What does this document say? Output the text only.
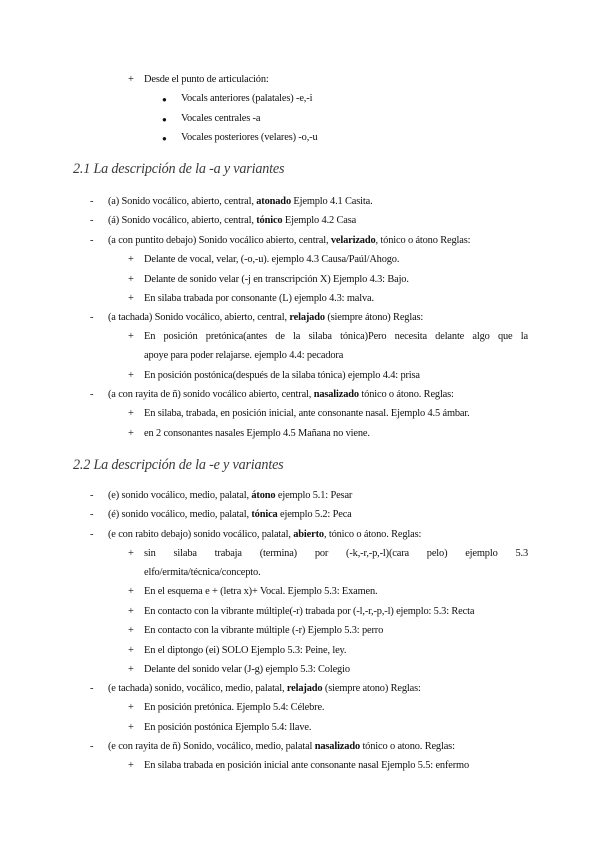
+ Desde el punto de articulación:
● Vocals anteriores (palatales) -e,-i
● Vocales centrales -a
● Vocales posteriores (velares) -o,-u
2.1 La descripción de la -a y variantes
- (a) Sonido vocálico, abierto, central, atonado Ejemplo 4.1 Casita.
- (á) Sonido vocálico, abierto, central, tónico Ejemplo 4.2 Casa
- (a con puntito debajo) Sonido vocálico abierto, central, velarizado, tónico o átono Reglas:
+ Delante de vocal, velar, (-o,-u). ejemplo 4.3 Causa/Paúl/Ahogo.
+ Delante de sonido velar (-j en transcripción X) Ejemplo 4.3: Bajo.
+ En silaba trabada por consonante (L) ejemplo 4.3: malva.
- (a tachada) Sonido vocálico, abierto, central, relajado (siempre átono) Reglas:
+ En posición pretónica(antes de la silaba tónica)Pero necesita delante algo que la
apoye para poder relajarse. ejemplo 4.4: pecadora
+ En posición postónica(después de la silaba tónica) ejemplo 4.4: prisa
- (a con rayita de ñ) sonido vocálico abierto, central, nasalizado tónico o átono. Reglas:
+ En silaba, trabada, en posición inicial, ante consonante nasal. Ejemplo 4.5 ámbar.
+ en 2 consonantes nasales Ejemplo 4.5 Mañana no viene.
2.2 La descripción de la -e y variantes
- (e) sonido vocálico, medio, palatal, átono ejemplo 5.1: Pesar
- (é) sonido vocálico, medio, palatal, tónica ejemplo 5.2: Peca
- (e con rabito debajo) sonido vocálico, palatal, abierto, tónico o átono. Reglas:
+ sin silaba trabaja (termina) por (-k,-r,-p,-l)(cara pelo) ejemplo 5.3
elfo/ermita/técnica/concepto.
+ En el esquema e + (letra x)+ Vocal. Ejemplo 5.3: Examen.
+ En contacto con la vibrante múltiple(-r) trabada por (-l,-r,-p,-l) ejemplo: 5.3: Recta
+ En contacto con la vibrante múltiple (-r) Ejemplo 5.3: perro
+ En el diptongo (ei) SOLO Ejemplo 5.3: Peine, ley.
+ Delante del sonido velar (J-g) ejemplo 5.3: Colegio
- (e tachada) sonido, vocálico, medio, palatal, relajado (siempre atono) Reglas:
+ En posición pretónica. Ejemplo 5.4: Célebre.
+ En posición postónica Ejemplo 5.4: llave.
- (e con rayita de ñ) Sonido, vocálico, medio, palatal nasalizado tónico o atono. Reglas:
+ En silaba trabada en posición inicial ante consonante nasal Ejemplo 5.5: enfermo
